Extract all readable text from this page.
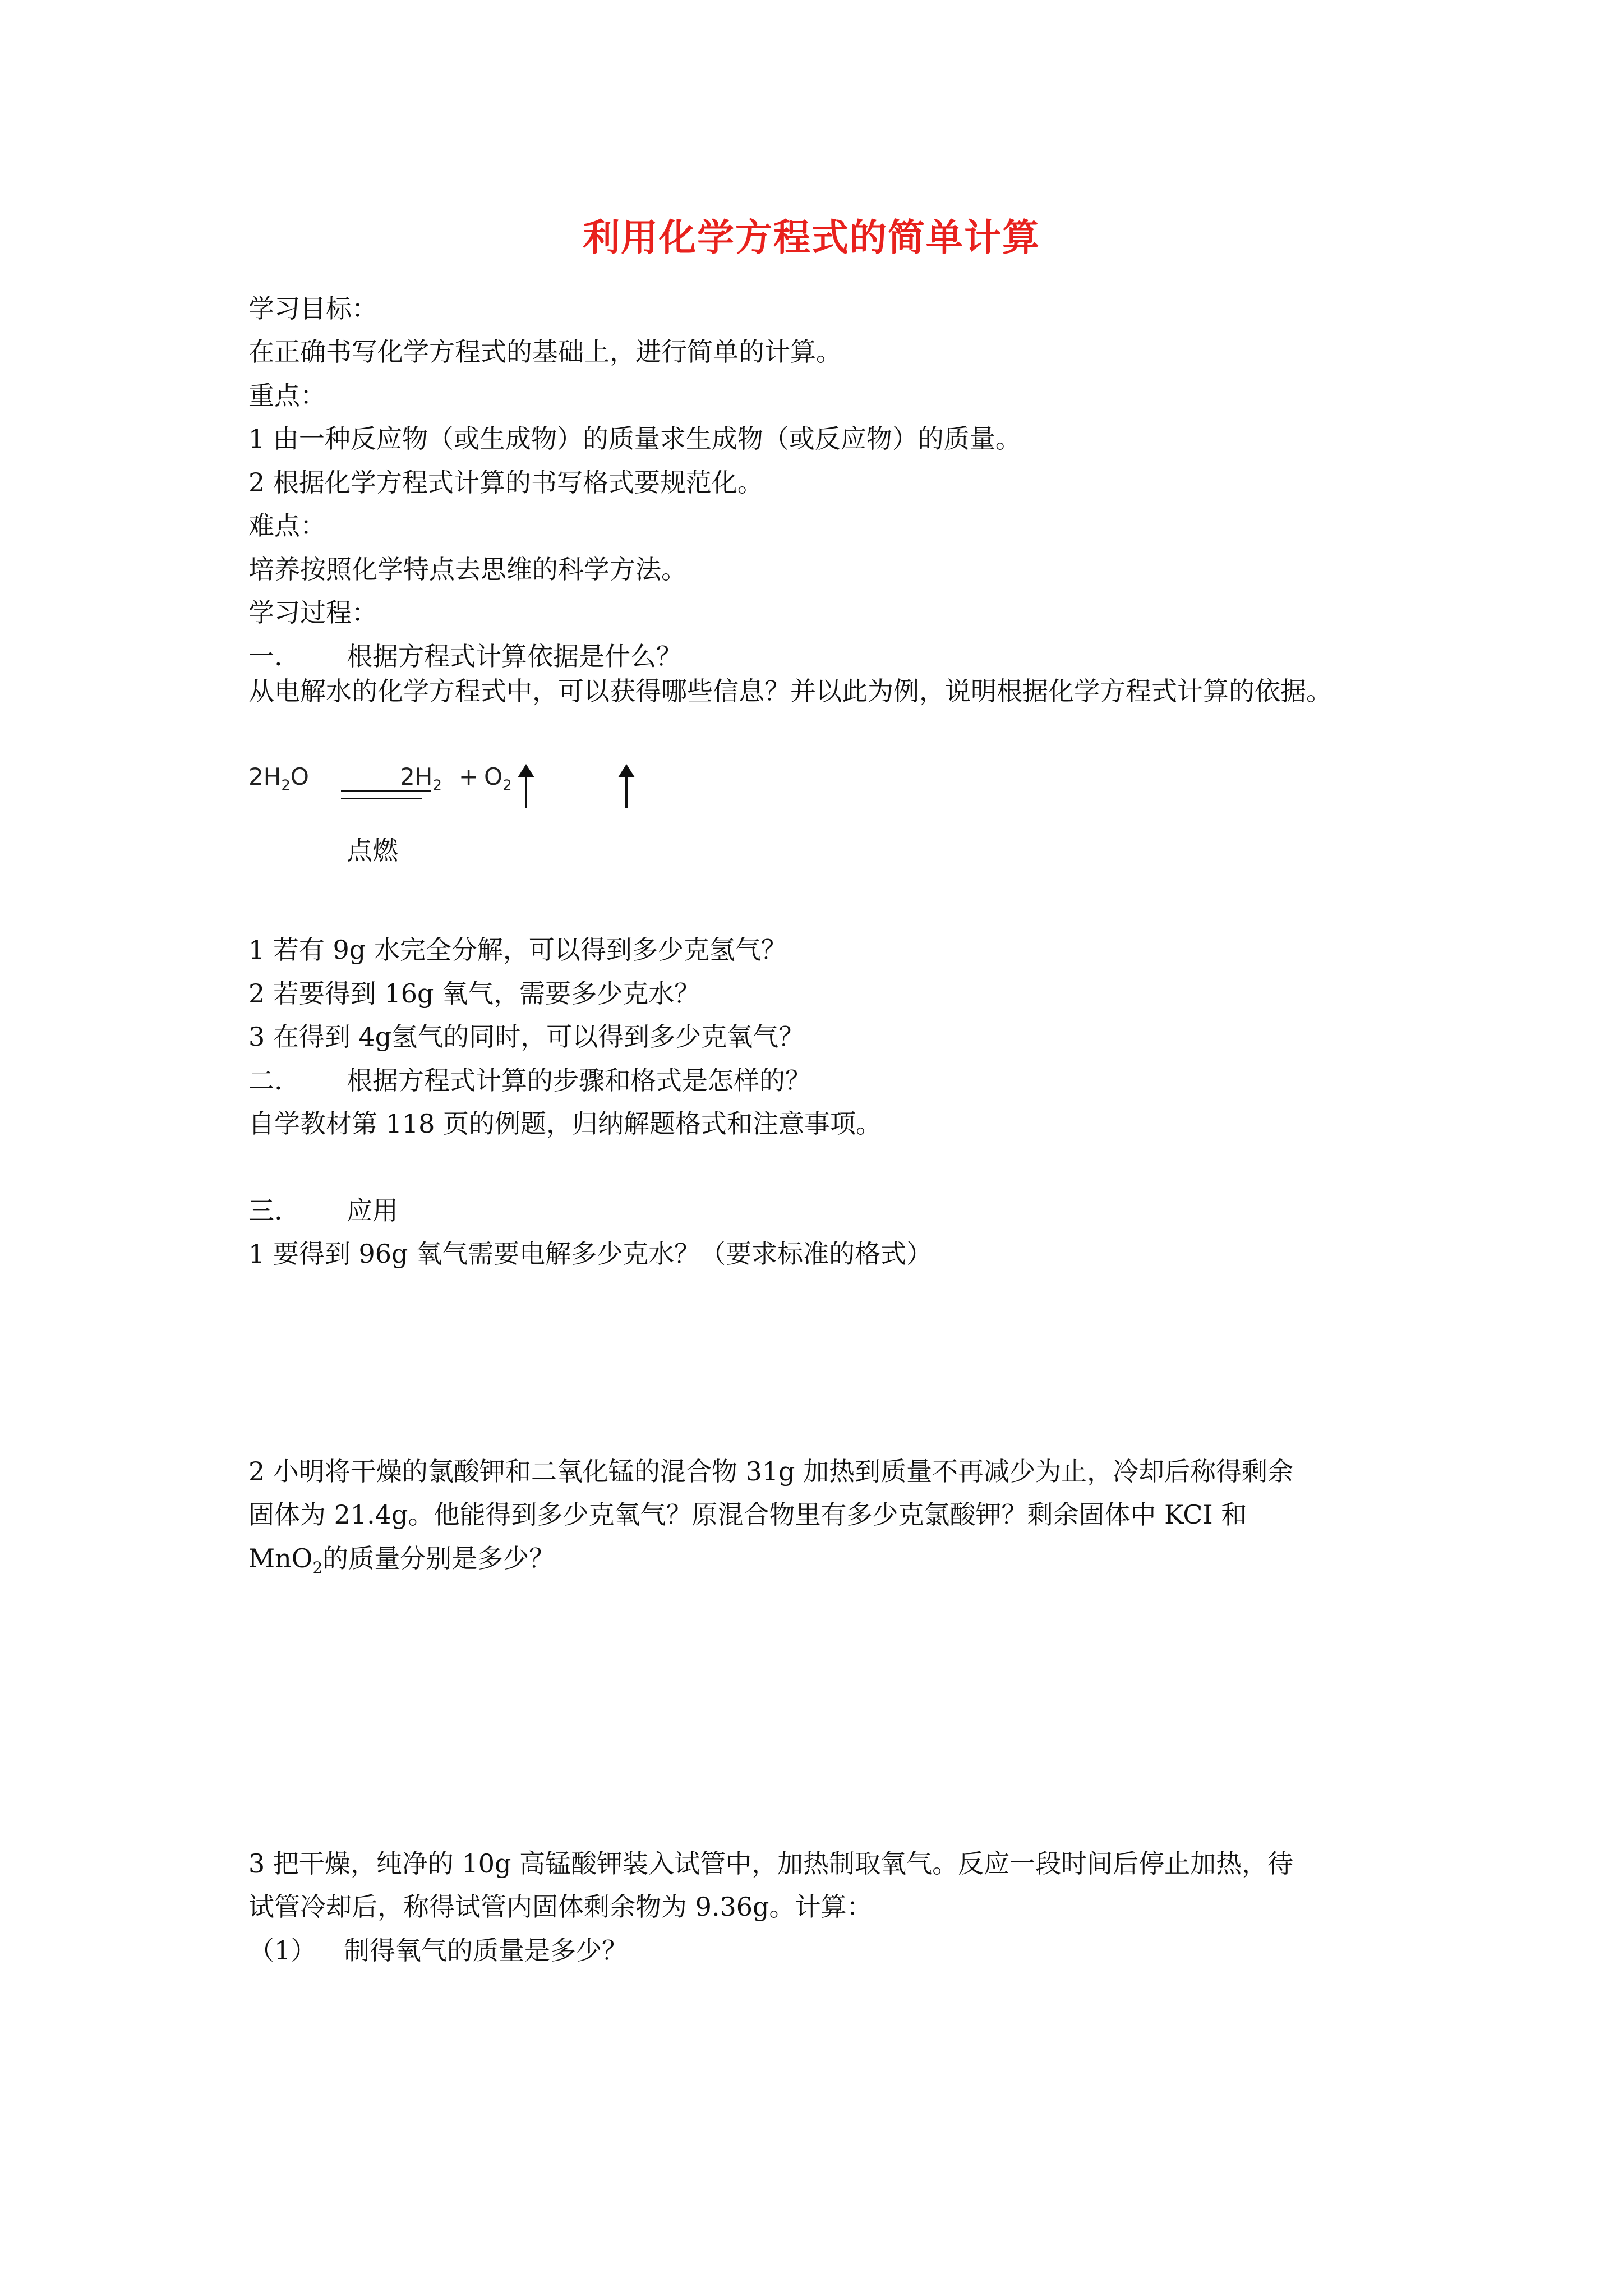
利用化学方程式的简单计算
学习目标：
在正确书写化学方程式的基础上，进行简单的计算。
重点：
1 由一种反应物（或生成物）的质量求生成物（或反应物）的质量。
2 根据化学方程式计算的书写格式要规范化。
难点：
培养按照化学特点去思维的科学方法。
学习过程：
一. 根据方程式计算依据是什么？
从电解水的化学方程式中，可以获得哪些信息？并以此为例，说明根据化学方程式计算的依据。
$2H_2O$	$2H_2 + O_2$
点燃
1 若有 9g 水完全分解，可以得到多少克氢气？
2 若要得到 16g 氧气，需要多少克水？
3 在得到 4g氢气的同时，可以得到多少克氧气？
二. 根据方程式计算的步骤和格式是怎样的？
自学教材第 118 页的例题，归纳解题格式和注意事项。
三. 应用
1 要得到 96g 氧气需要电解多少克水？（要求标准的格式）
2 小明将干燥的氯酸钾和二氧化锰的混合物 31g 加热到质量不再减少为止，冷却后称得剩余
固体为 21.4g。他能得到多少克氧气？原混合物里有多少克氯酸钾？剩余固体中 KCI 和
MnO$_2$的质量分别是多少？
3 把干燥，纯净的 10g 高锰酸钾装入试管中，加热制取氧气。反应一段时间后停止加热，待
试管冷却后，称得试管内固体剩余物为 9.36g。计算：
（1） 制得氧气的质量是多少？
